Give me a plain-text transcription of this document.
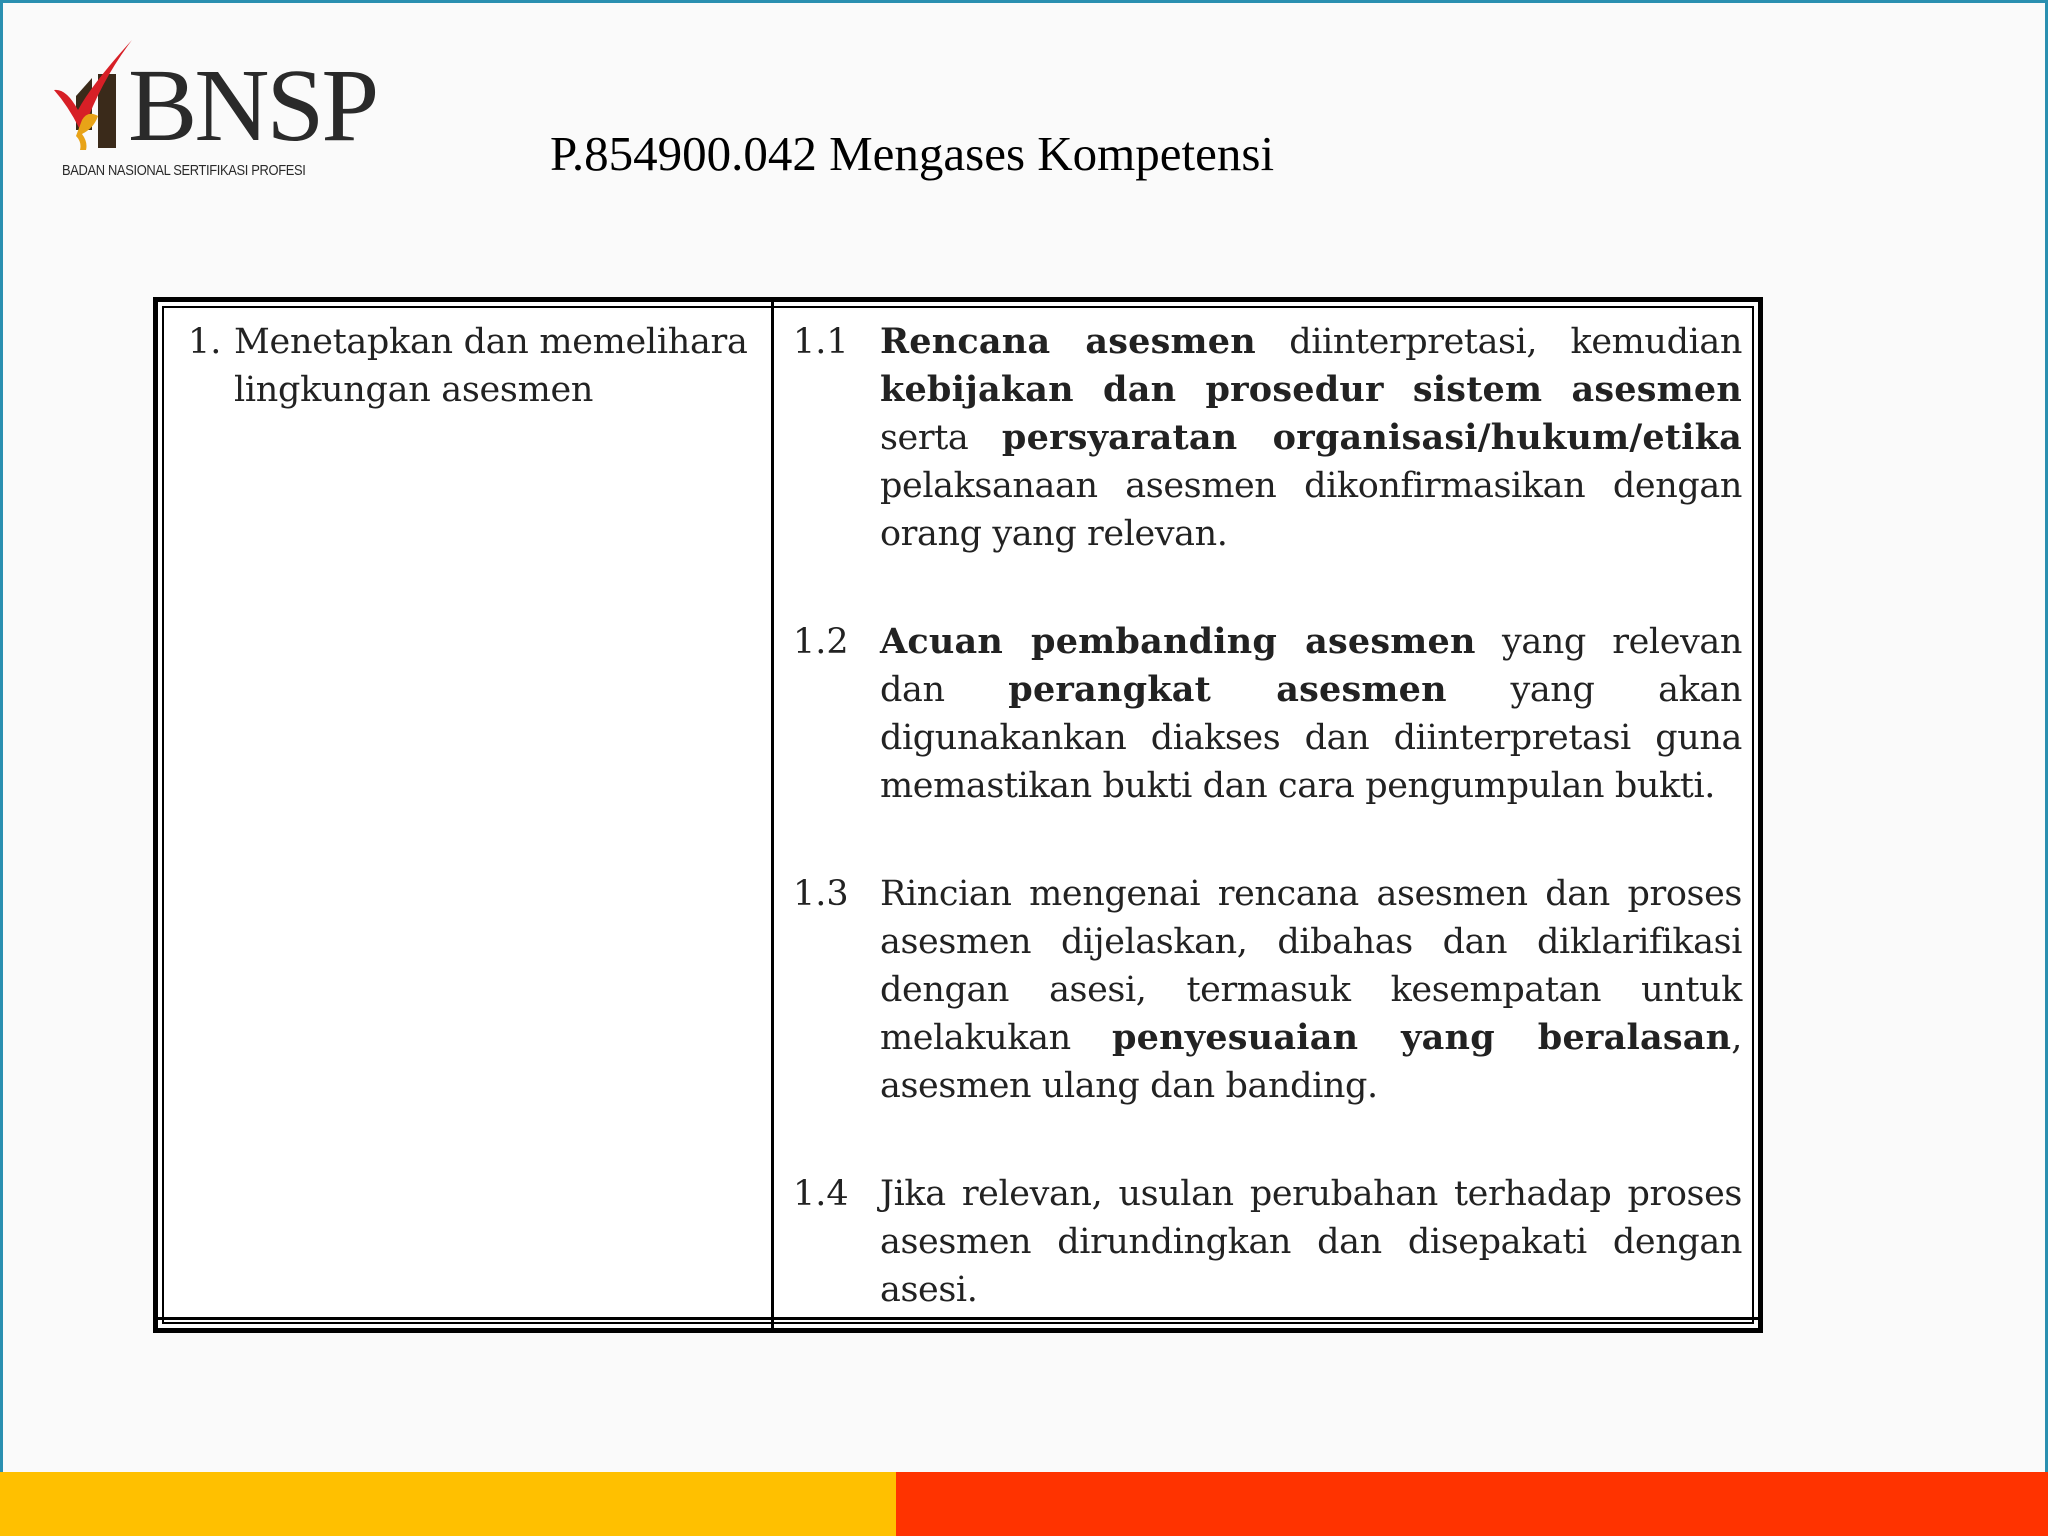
BNSP
BADAN NASIONAL SERTIFIKASI PROFESI	P.854900.042 Mengases Kompetensi
1. Menetapkan dan memelihara lingkungan asesmen
1.1 Rencana asesmen diinterpretasi, kemudian kebijakan dan prosedur sistem asesmen serta persyaratan organisasi/hukum/etika pelaksanaan asesmen dikonfirmasikan dengan orang yang relevan.
1.2 Acuan pembanding asesmen yang relevan dan perangkat asesmen yang akan digunakankan diakses dan diinterpretasi guna memastikan bukti dan cara pengumpulan bukti.
1.3 Rincian mengenai rencana asesmen dan proses asesmen dijelaskan, dibahas dan diklarifikasi dengan asesi, termasuk kesempatan untuk melakukan penyesuaian yang beralasan, asesmen ulang dan banding.
1.4 Jika relevan, usulan perubahan terhadap proses asesmen dirundingkan dan disepakati dengan asesi.
